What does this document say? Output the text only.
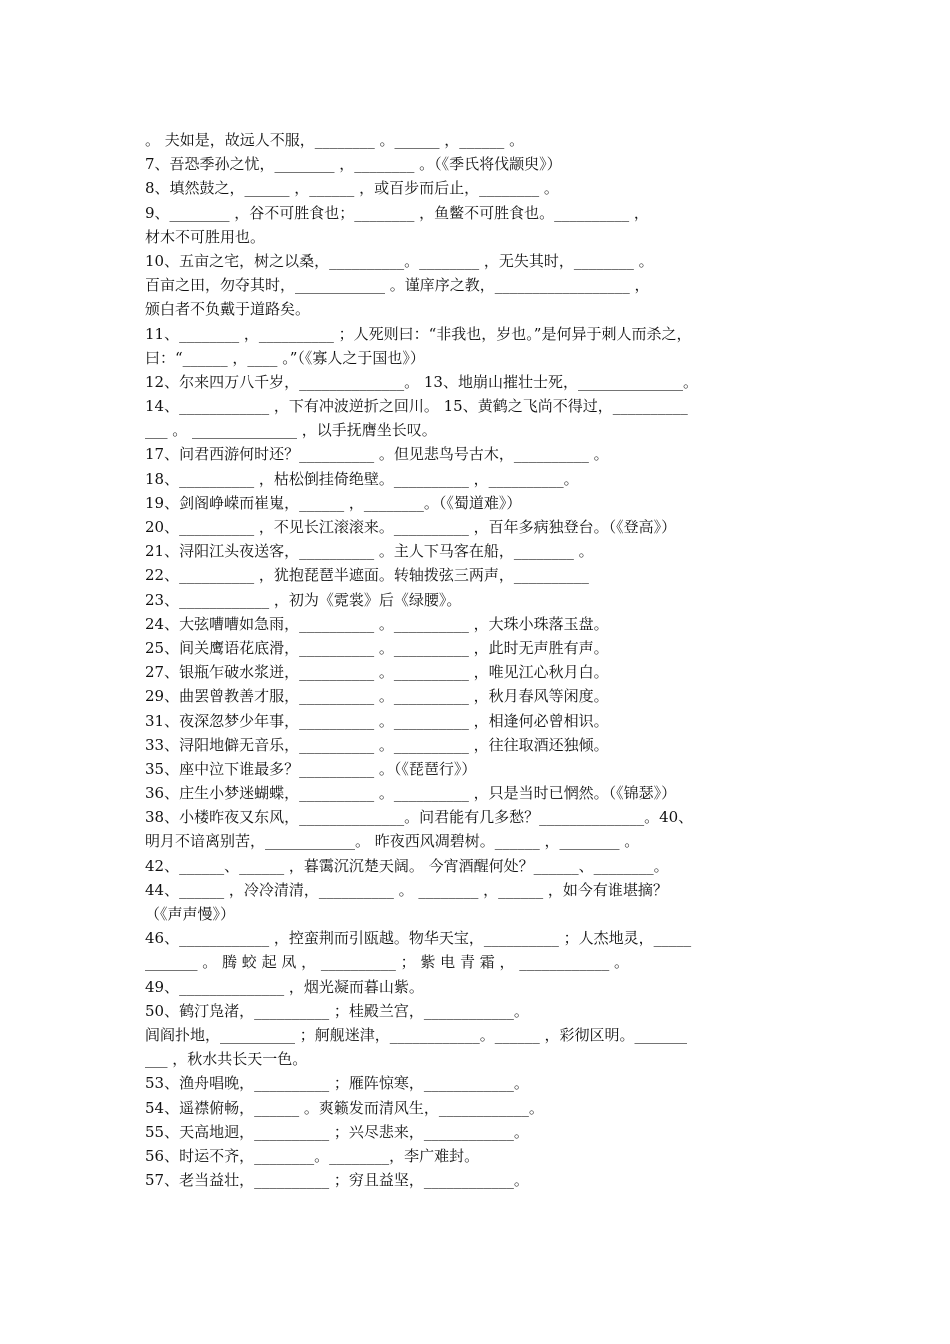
。 夫如是，故远人不服，________ 。______ ，______ 。
7、吾恐季孙之忧，________ ，________ 。（《季氏将伐颛臾》）
8、填然鼓之，______ ，______ ，或百步而后止，________ 。
9、________ ，谷不可胜食也；________ ，鱼鳖不可胜食也。__________ ，
材木不可胜用也。
10、五亩之宅，树之以桑，__________。________ ，无失其时，________ 。
百亩之田，勿夺其时，____________ 。谨庠序之教，__________________ ，
颁白者不负戴于道路矣。
11、________ ，__________ ；人死则曰：“非我也，岁也。”是何异于刺人而杀之，
曰：“______ ，____ 。”（《寡人之于国也》）
12、尔来四万八千岁，______________。 13、地崩山摧壮士死，______________。
14、____________ ，下有冲波逆折之回川。 15、黄鹤之飞尚不得过，__________
___ 。 ______________ ，以手抚膺坐长叹。
17、问君西游何时还？__________ 。但见悲鸟号古木，__________ 。
18、__________ ，枯松倒挂倚绝壁。__________ ，__________。
19、剑阁峥嵘而崔嵬，______ ，________。（《蜀道难》）
20、__________ ，不见长江滚滚来。__________ ，百年多病独登台。（《登高》）
21、浔阳江头夜送客，__________ 。主人下马客在船，________ 。
22、__________ ，犹抱琵琶半遮面。转轴拨弦三两声，__________
23、____________ ，初为《霓裳》后《绿腰》。
24、大弦嘈嘈如急雨，__________ 。__________ ，大珠小珠落玉盘。
25、间关鹰语花底滑，__________ 。__________ ，此时无声胜有声。
27、银瓶乍破水浆迸，__________ 。__________ ，唯见江心秋月白。
29、曲罢曾教善才服，__________ 。__________ ，秋月春风等闲度。
31、夜深忽梦少年事，__________ 。__________ ，相逢何必曾相识。
33、浔阳地僻无音乐，__________ 。__________ ，往往取酒还独倾。
35、座中泣下谁最多？__________ 。（《琵琶行》）
36、庄生小梦迷蝴蝶，__________ 。__________ ，只是当时已惘然。（《锦瑟》）
38、小楼昨夜又东风，______________。问君能有几多愁？______________。40、
明月不谙离别苦，____________。 昨夜西风凋碧树。______ ，________ 。
42、______、______ ，暮霭沉沉楚天阔。 今宵酒醒何处？______、________。
44、______ ，冷冷清清，__________ 。 ________ ，______ ，如今有谁堪摘？
（《声声慢》）
46、____________ ，控蛮荆而引瓯越。物华天宝，__________ ；人杰地灵，_____
_______ 。 腾 蛟 起 凤 ， __________ ； 紫 电 青 霜 ， ____________ 。
49、______________ ，烟光凝而暮山紫。
50、鹤汀凫渚，__________ ；桂殿兰宫，____________。
闾阎扑地，__________ ；舸舰迷津，____________。______ ，彩彻区明。_______
___ ，秋水共长天一色。
53、渔舟唱晚，__________ ；雁阵惊寒，____________。
54、遥襟俯畅，______ 。爽籁发而清风生，____________。
55、天高地迥，__________ ；兴尽悲来，____________。
56、时运不齐，________。________，李广难封。
57、老当益壮，__________ ；穷且益坚，____________。
